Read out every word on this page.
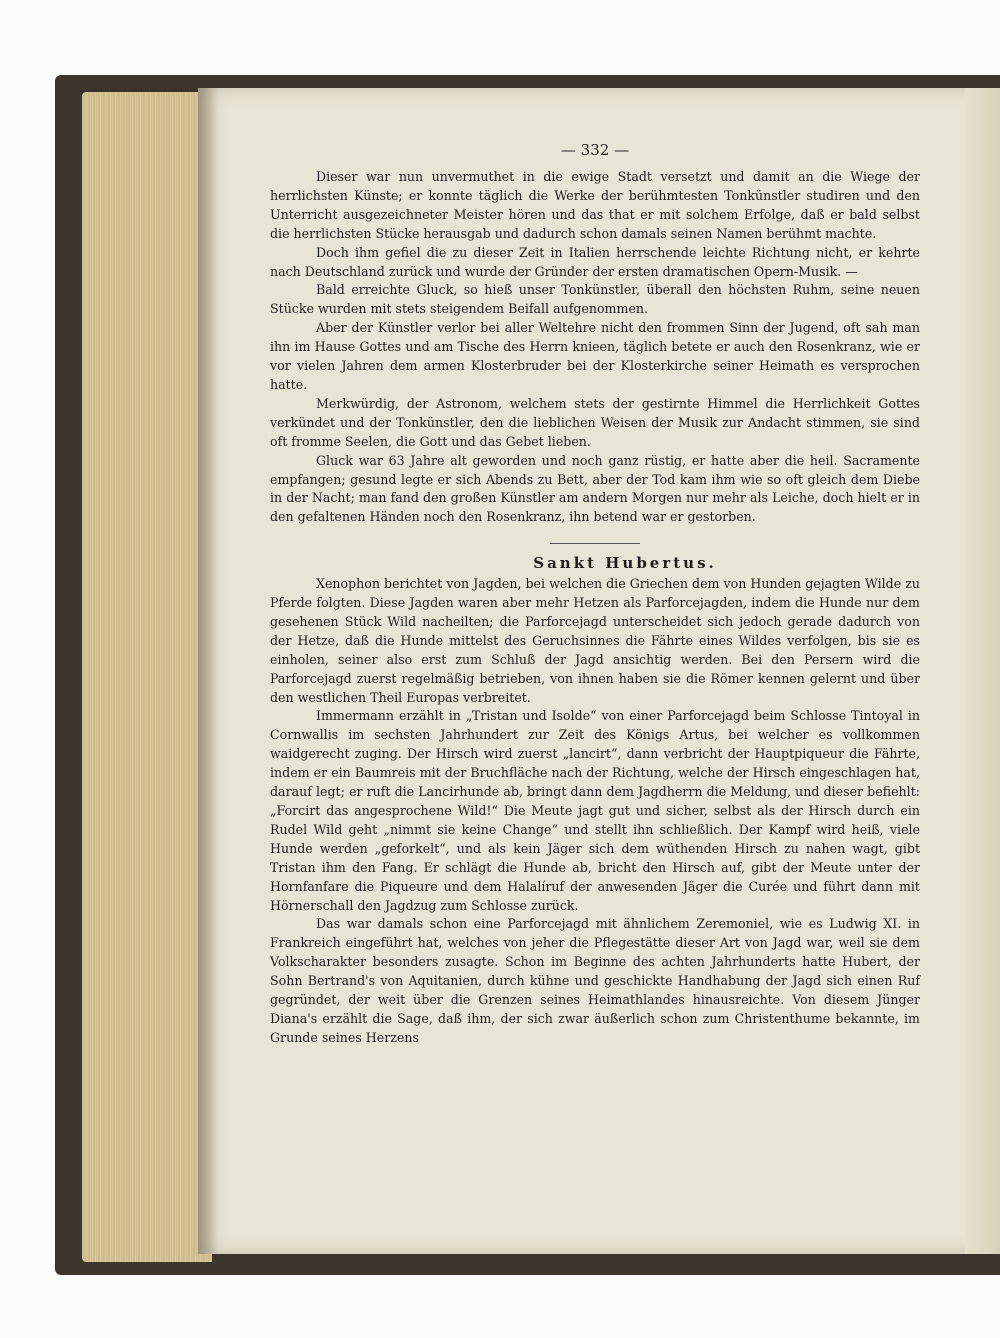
— 332 —

Dieser war nun unvermuthet in die ewige Stadt versetzt und damit an die Wiege der herrlichsten Künste; er konnte täglich die Werke der berühmtesten Tonkünstler studiren und den Unterricht ausgezeichneter Meister hören und das that er mit solchem Erfolge, daß er bald selbst die herrlichsten Stücke herausgab und dadurch schon damals seinen Namen berühmt machte.

Doch ihm gefiel die zu dieser Zeit in Italien herrschende leichte Richtung nicht, er kehrte nach Deutschland zurück und wurde der Gründer der ersten dramatischen Opern-Musik. —

Bald erreichte Gluck, so hieß unser Tonkünstler, überall den höchsten Ruhm, seine neuen Stücke wurden mit stets steigendem Beifall aufgenommen.

Aber der Künstler verlor bei aller Weltehre nicht den frommen Sinn der Jugend, oft sah man ihn im Hause Gottes und am Tische des Herrn knieen, täglich betete er auch den Rosenkranz, wie er vor vielen Jahren dem armen Klosterbruder bei der Klosterkirche seiner Heimath es versprochen hatte.

Merkwürdig, der Astronom, welchem stets der gestirnte Himmel die Herrlichkeit Gottes verkündet und der Tonkünstler, den die lieblichen Weisen der Musik zur Andacht stimmen, sie sind oft fromme Seelen, die Gott und das Gebet lieben.

Gluck war 63 Jahre alt geworden und noch ganz rüstig, er hatte aber die heil. Sacramente empfangen; gesund legte er sich Abends zu Bett, aber der Tod kam ihm wie so oft gleich dem Diebe in der Nacht; man fand den großen Künstler am andern Morgen nur mehr als Leiche, doch hielt er in den gefaltenen Händen noch den Rosenkranz, ihn betend war er gestorben.

Sankt Hubertus.

Xenophon berichtet von Jagden, bei welchen die Griechen dem von Hunden gejagten Wilde zu Pferde folgten. Diese Jagden waren aber mehr Hetzen als Parforcejagden, indem die Hunde nur dem gesehenen Stück Wild nacheilten; die Parforcejagd unterscheidet sich jedoch gerade dadurch von der Hetze, daß die Hunde mittelst des Geruchsinnes die Fährte eines Wildes verfolgen, bis sie es einholen, seiner also erst zum Schluß der Jagd ansichtig werden. Bei den Persern wird die Parforcejagd zuerst regelmäßig betrieben, von ihnen haben sie die Römer kennen gelernt und über den westlichen Theil Europas verbreitet.

Immermann erzählt in „Tristan und Isolde“ von einer Parforcejagd beim Schlosse Tintoyal in Cornwallis im sechsten Jahrhundert zur Zeit des Königs Artus, bei welcher es vollkommen waidgerecht zuging. Der Hirsch wird zuerst „lancirt“, dann verbricht der Hauptpiqueur die Fährte, indem er ein Baumreis mit der Bruchfläche nach der Richtung, welche der Hirsch eingeschlagen hat, darauf legt; er ruft die Lancirhunde ab, bringt dann dem Jagdherrn die Meldung, und dieser befiehlt: „Forcirt das angesprochene Wild!“ Die Meute jagt gut und sicher, selbst als der Hirsch durch ein Rudel Wild geht „nimmt sie keine Change“ und stellt ihn schließlich. Der Kampf wird heiß, viele Hunde werden „geforkelt“, und als kein Jäger sich dem wüthenden Hirsch zu nahen wagt, gibt Tristan ihm den Fang. Er schlägt die Hunde ab, bricht den Hirsch auf, gibt der Meute unter der Hornfanfare die Piqueure und dem Halalíruf der anwesenden Jäger die Curée und führt dann mit Hörnerschall den Jagdzug zum Schlosse zurück.

Das war damals schon eine Parforcejagd mit ähnlichem Zeremoniel, wie es Ludwig XI. in Frankreich eingeführt hat, welches von jeher die Pflegestätte dieser Art von Jagd war, weil sie dem Volkscharakter besonders zusagte. Schon im Beginne des achten Jahrhunderts hatte Hubert, der Sohn Bertrand's von Aquitanien, durch kühne und geschickte Handhabung der Jagd sich einen Ruf gegründet, der weit über die Grenzen seines Heimathlandes hinausreichte. Von diesem Jünger Diana's erzählt die Sage, daß ihm, der sich zwar äußerlich schon zum Christenthume bekannte, im Grunde seines Herzens
